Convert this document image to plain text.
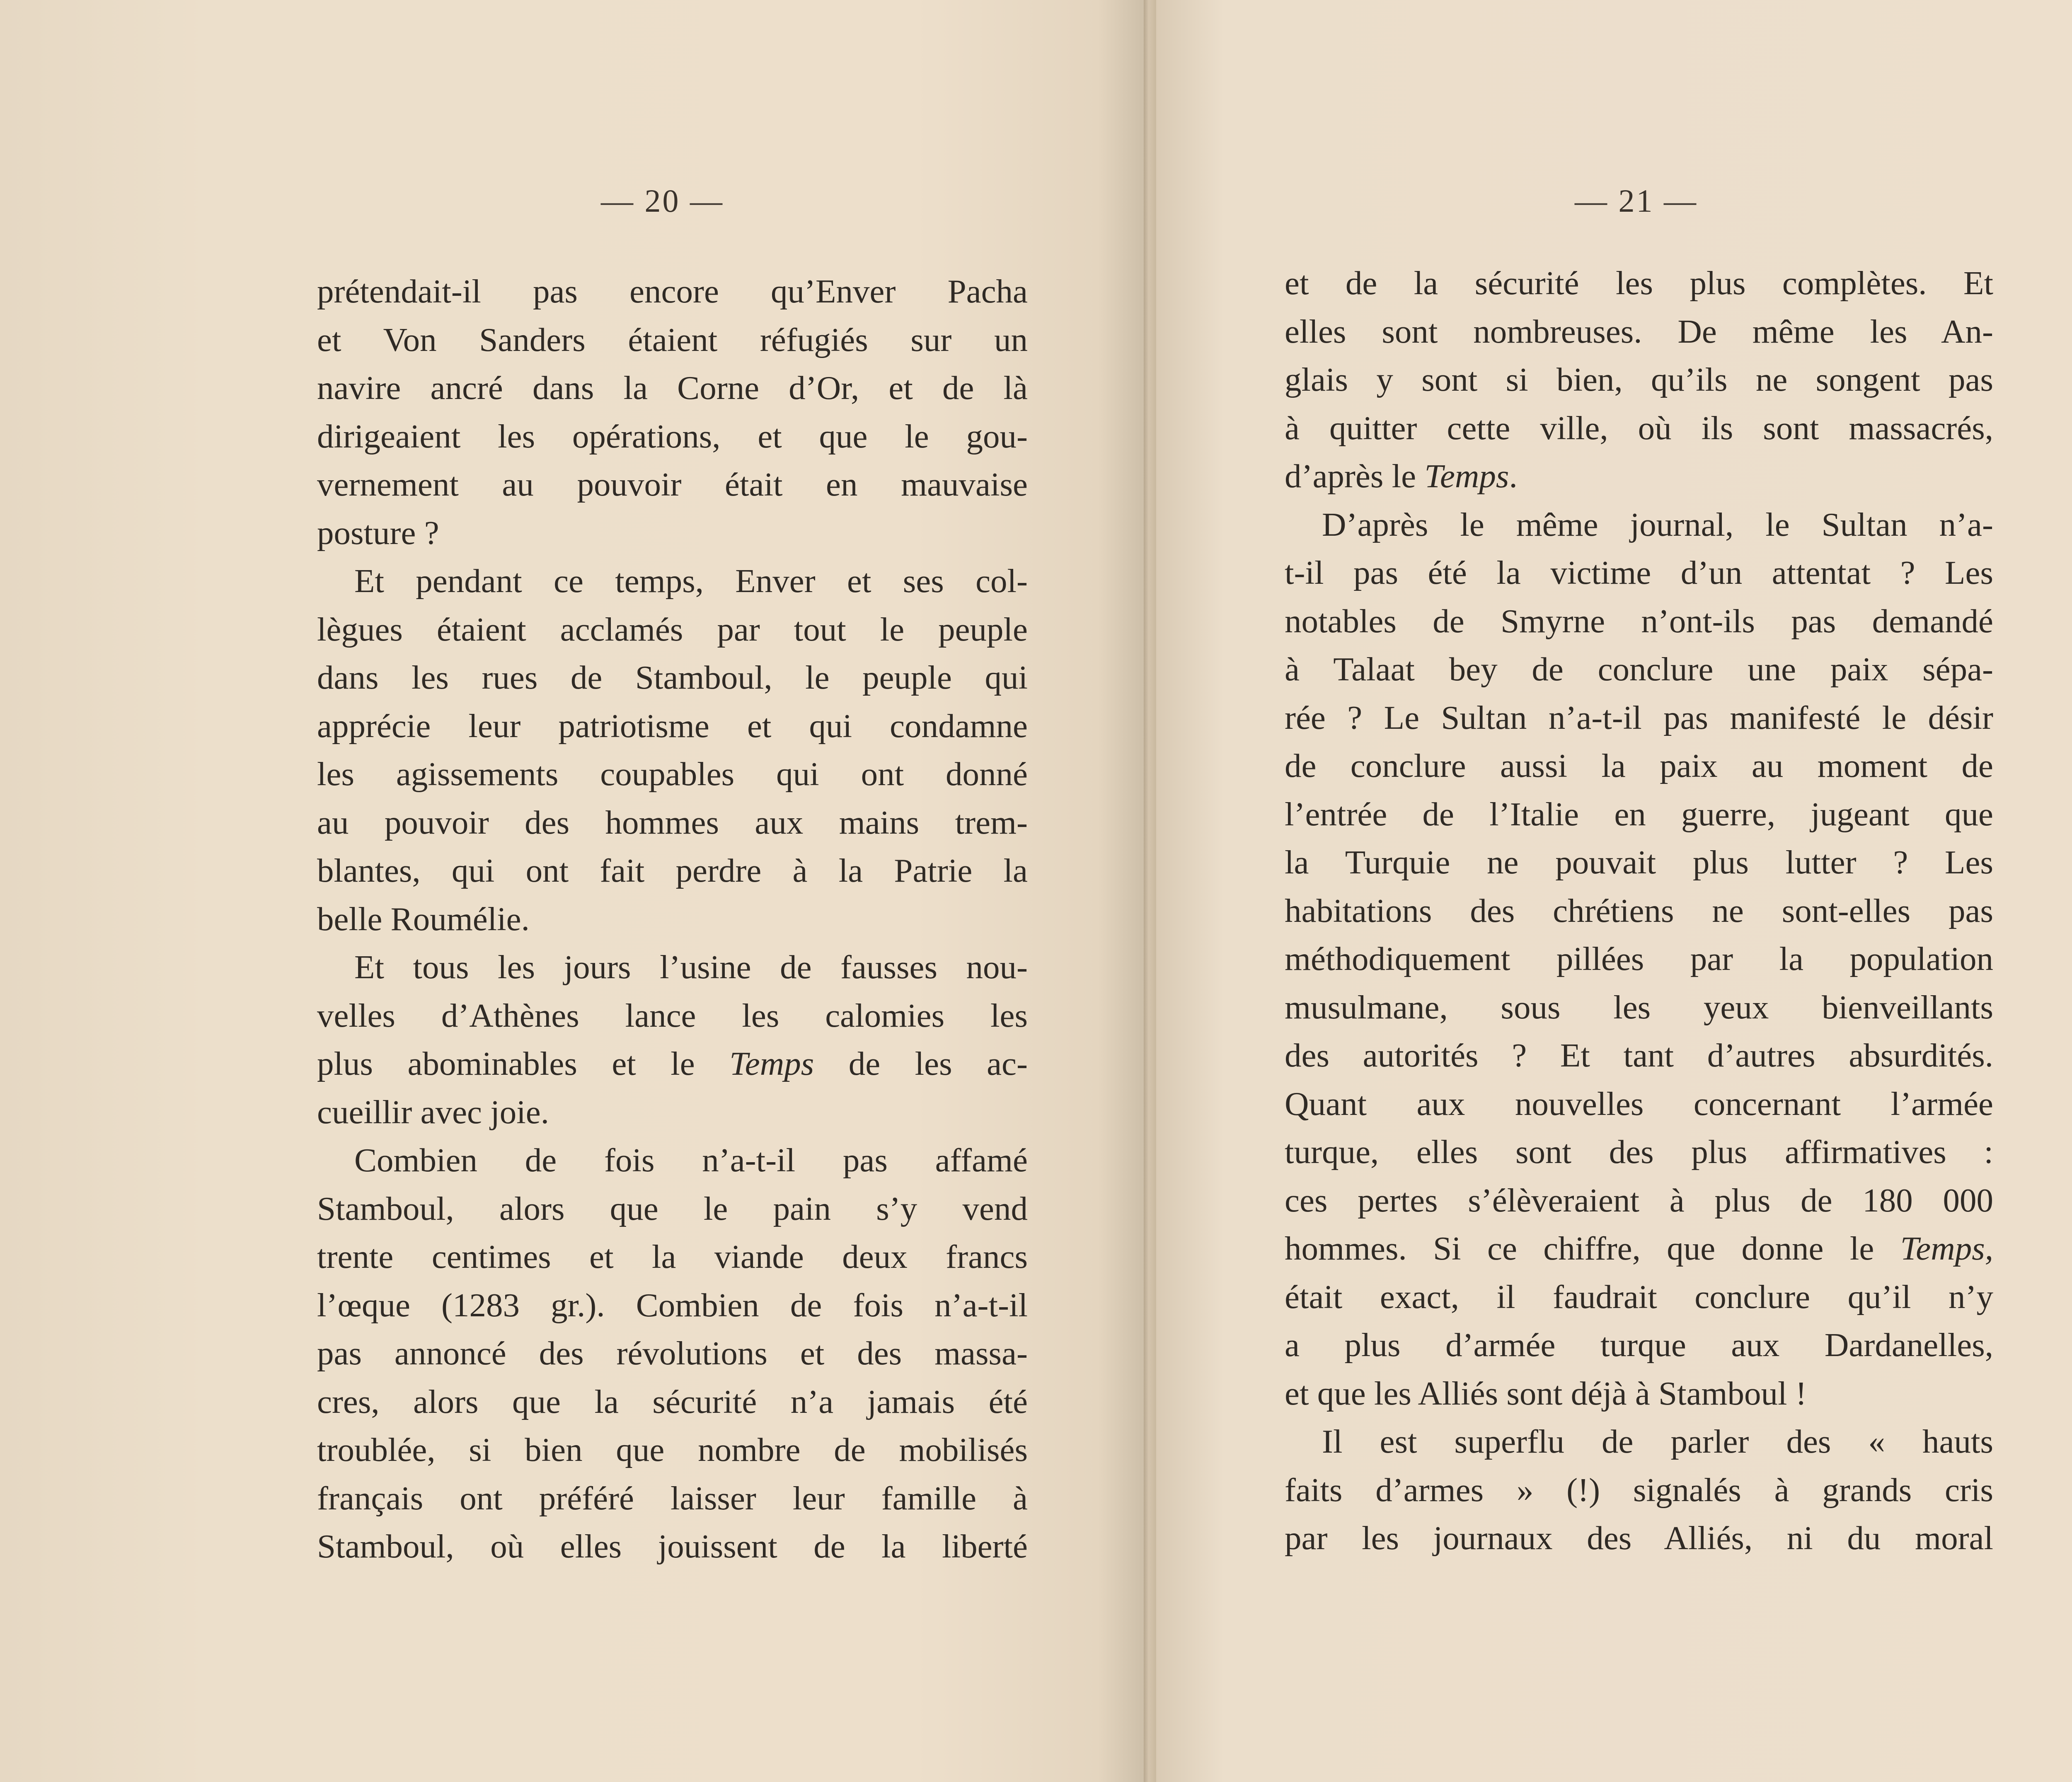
— 20 —
prétendait-il pas encore qu’Enver Pacha
et Von Sanders étaient réfugiés sur un
navire ancré dans la Corne d’Or, et de là
dirigeaient les opérations, et que le gou-
vernement au pouvoir était en mauvaise
posture ?
Et pendant ce temps, Enver et ses col-
lègues étaient acclamés par tout le peuple
dans les rues de Stamboul, le peuple qui
apprécie leur patriotisme et qui condamne
les agissements coupables qui ont donné
au pouvoir des hommes aux mains trem-
blantes, qui ont fait perdre à la Patrie la
belle Roumélie.
Et tous les jours l’usine de fausses nou-
velles d’Athènes lance les calomies les
plus abominables et le Temps de les ac-
cueillir avec joie.
Combien de fois n’a-t-il pas affamé
Stamboul, alors que le pain s’y vend
trente centimes et la viande deux francs
l’œque (1283 gr.). Combien de fois n’a-t-il
pas annoncé des révolutions et des massa-
cres, alors que la sécurité n’a jamais été
troublée, si bien que nombre de mobilisés
français ont préféré laisser leur famille à
Stamboul, où elles jouissent de la liberté
— 21 —
et de la sécurité les plus complètes. Et
elles sont nombreuses. De même les An-
glais y sont si bien, qu’ils ne songent pas
à quitter cette ville, où ils sont massacrés,
d’après le Temps.
D’après le même journal, le Sultan n’a-
t-il pas été la victime d’un attentat ? Les
notables de Smyrne n’ont-ils pas demandé
à Talaat bey de conclure une paix sépa-
rée ? Le Sultan n’a-t-il pas manifesté le désir
de conclure aussi la paix au moment de
l’entrée de l’Italie en guerre, jugeant que
la Turquie ne pouvait plus lutter ? Les
habitations des chrétiens ne sont-elles pas
méthodiquement pillées par la population
musulmane, sous les yeux bienveillants
des autorités ? Et tant d’autres absurdités.
Quant aux nouvelles concernant l’armée
turque, elles sont des plus affirmatives :
ces pertes s’élèveraient à plus de 180 000
hommes. Si ce chiffre, que donne le Temps,
était exact, il faudrait conclure qu’il n’y
a plus d’armée turque aux Dardanelles,
et que les Alliés sont déjà à Stamboul !
Il est superflu de parler des « hauts
faits d’armes » (!) signalés à grands cris
par les journaux des Alliés, ni du moral
